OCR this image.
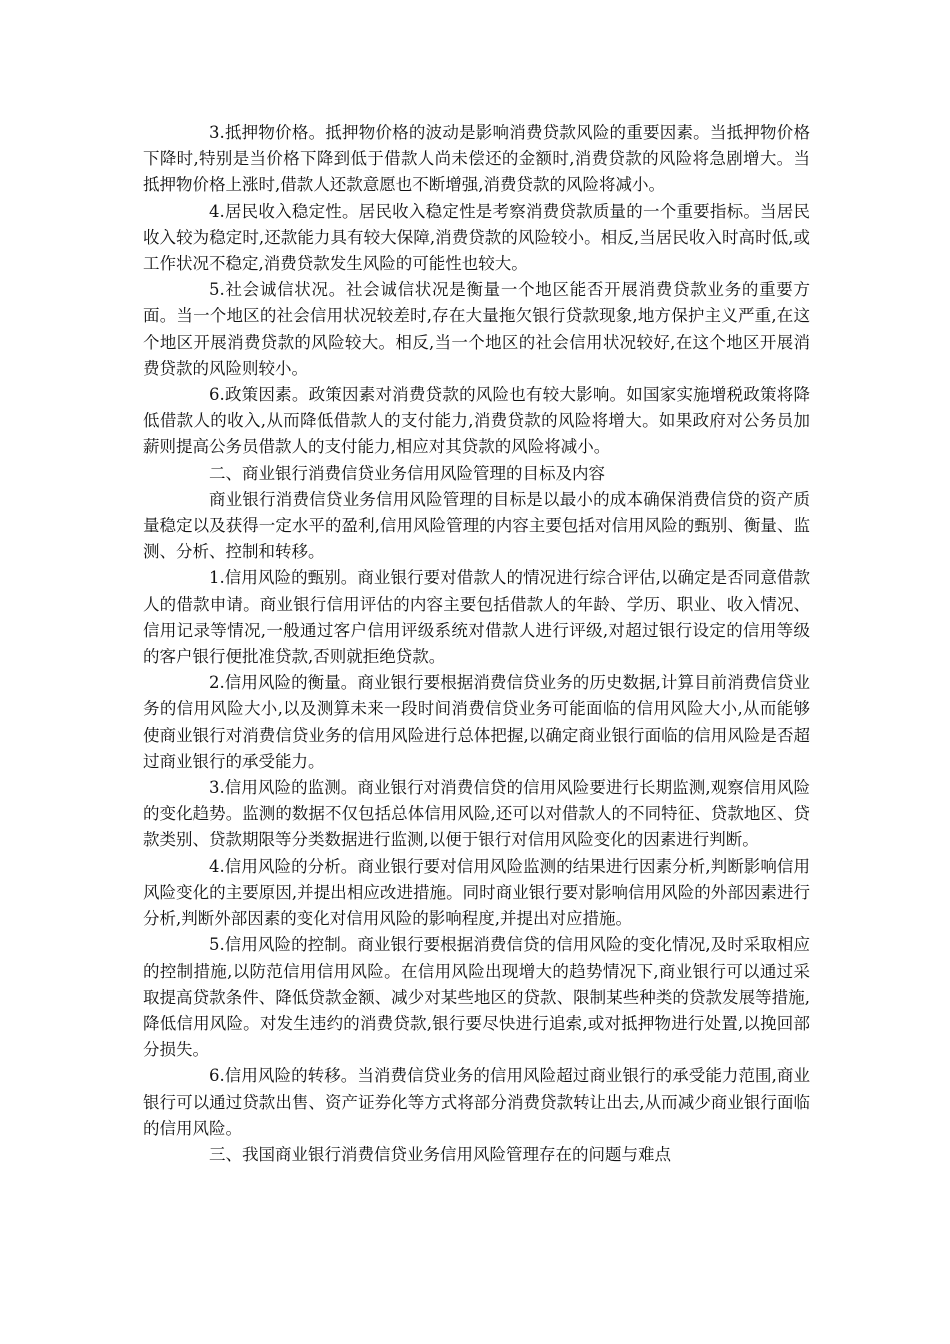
3.抵押物价格。抵押物价格的波动是影响消费贷款风险的重要因素。当抵押物价格下降时,特别是当价格下降到低于借款人尚未偿还的金额时,消费贷款的风险将急剧增大。当抵押物价格上涨时,借款人还款意愿也不断增强,消费贷款的风险将减小。

4.居民收入稳定性。居民收入稳定性是考察消费贷款质量的一个重要指标。当居民收入较为稳定时,还款能力具有较大保障,消费贷款的风险较小。相反,当居民收入时高时低,或工作状况不稳定,消费贷款发生风险的可能性也较大。

5.社会诚信状况。社会诚信状况是衡量一个地区能否开展消费贷款业务的重要方面。当一个地区的社会信用状况较差时,存在大量拖欠银行贷款现象,地方保护主义严重,在这个地区开展消费贷款的风险较大。相反,当一个地区的社会信用状况较好,在这个地区开展消费贷款的风险则较小。

6.政策因素。政策因素对消费贷款的风险也有较大影响。如国家实施增税政策将降低借款人的收入,从而降低借款人的支付能力,消费贷款的风险将增大。如果政府对公务员加薪则提高公务员借款人的支付能力,相应对其贷款的风险将减小。

二、商业银行消费信贷业务信用风险管理的目标及内容

商业银行消费信贷业务信用风险管理的目标是以最小的成本确保消费信贷的资产质量稳定以及获得一定水平的盈利,信用风险管理的内容主要包括对信用风险的甄别、衡量、监测、分析、控制和转移。

1.信用风险的甄别。商业银行要对借款人的情况进行综合评估,以确定是否同意借款人的借款申请。商业银行信用评估的内容主要包括借款人的年龄、学历、职业、收入情况、信用记录等情况,一般通过客户信用评级系统对借款人进行评级,对超过银行设定的信用等级的客户银行便批准贷款,否则就拒绝贷款。

2.信用风险的衡量。商业银行要根据消费信贷业务的历史数据,计算目前消费信贷业务的信用风险大小,以及测算未来一段时间消费信贷业务可能面临的信用风险大小,从而能够使商业银行对消费信贷业务的信用风险进行总体把握,以确定商业银行面临的信用风险是否超过商业银行的承受能力。

3.信用风险的监测。商业银行对消费信贷的信用风险要进行长期监测,观察信用风险的变化趋势。监测的数据不仅包括总体信用风险,还可以对借款人的不同特征、贷款地区、贷款类别、贷款期限等分类数据进行监测,以便于银行对信用风险变化的因素进行判断。

4.信用风险的分析。商业银行要对信用风险监测的结果进行因素分析,判断影响信用风险变化的主要原因,并提出相应改进措施。同时商业银行要对影响信用风险的外部因素进行分析,判断外部因素的变化对信用风险的影响程度,并提出对应措施。

5.信用风险的控制。商业银行要根据消费信贷的信用风险的变化情况,及时采取相应的控制措施,以防范信用信用风险。在信用风险出现增大的趋势情况下,商业银行可以通过采取提高贷款条件、降低贷款金额、减少对某些地区的贷款、限制某些种类的贷款发展等措施,降低信用风险。对发生违约的消费贷款,银行要尽快进行追索,或对抵押物进行处置,以挽回部分损失。

6.信用风险的转移。当消费信贷业务的信用风险超过商业银行的承受能力范围,商业银行可以通过贷款出售、资产证券化等方式将部分消费贷款转让出去,从而减少商业银行面临的信用风险。

三、我国商业银行消费信贷业务信用风险管理存在的问题与难点
